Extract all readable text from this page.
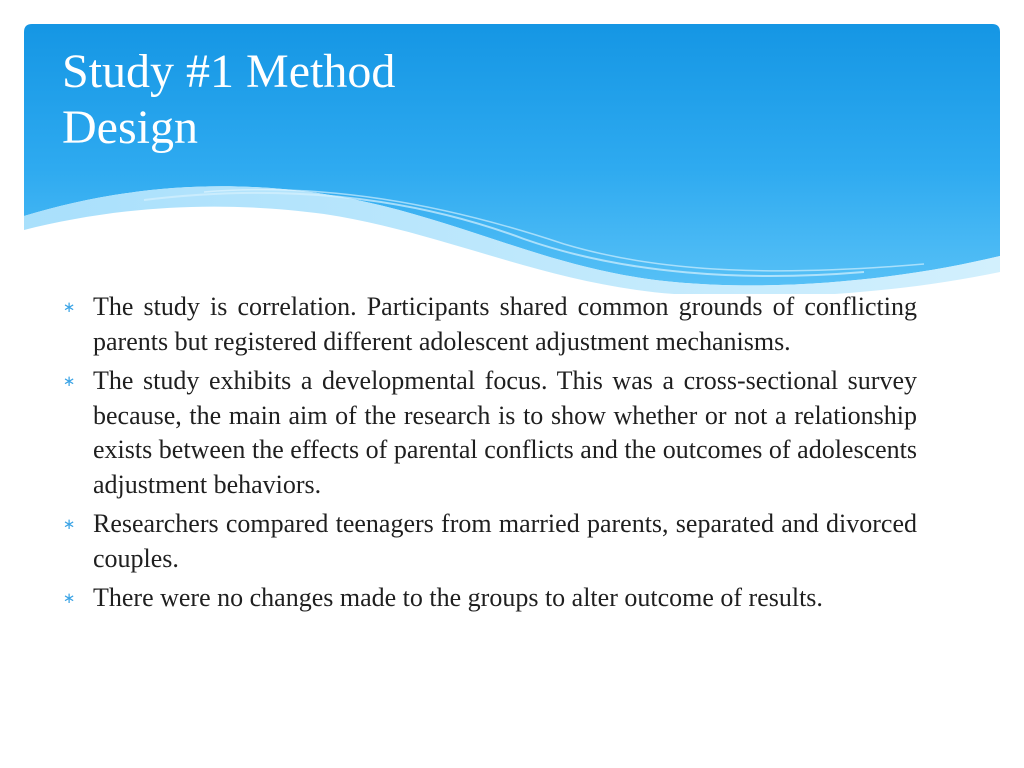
Study #1 Method
Design
∗ The study is correlation. Participants shared common grounds of conflicting parents but registered different adolescent adjustment mechanisms.
∗ The study exhibits a developmental focus. This was a cross-sectional survey because, the main aim of the research is to show whether or not a relationship exists between the effects of parental conflicts and the outcomes of adolescents adjustment behaviors.
∗ Researchers compared teenagers from married parents, separated and divorced couples.
∗ There were no changes made to the groups to alter outcome of results.
